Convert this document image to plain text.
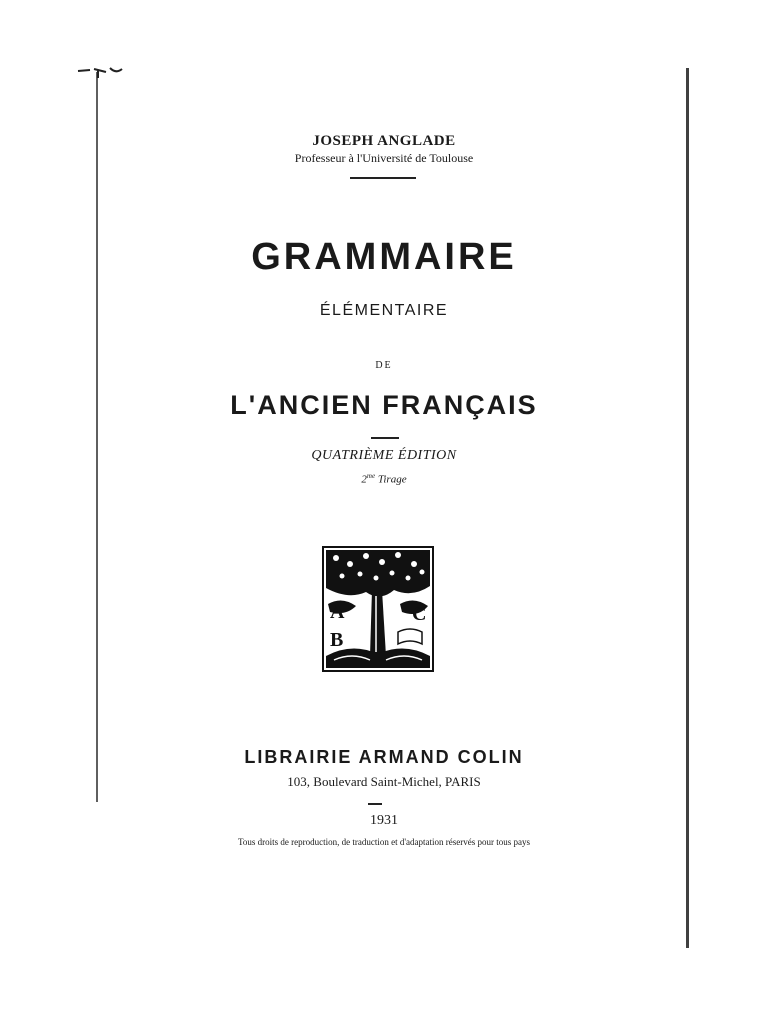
JOSEPH ANGLADE
Professeur à l'Université de Toulouse
GRAMMAIRE
ÉLÉMENTAIRE
DE
L'ANCIEN FRANÇAIS
QUATRIÈME ÉDITION
$2^{me}$ Tirage
A
B
C
LIBRAIRIE ARMAND COLIN
103, Boulevard Saint-Michel, PARIS
1931
Tous droits de reproduction, de traduction et d'adaptation réservés pour tous pays
